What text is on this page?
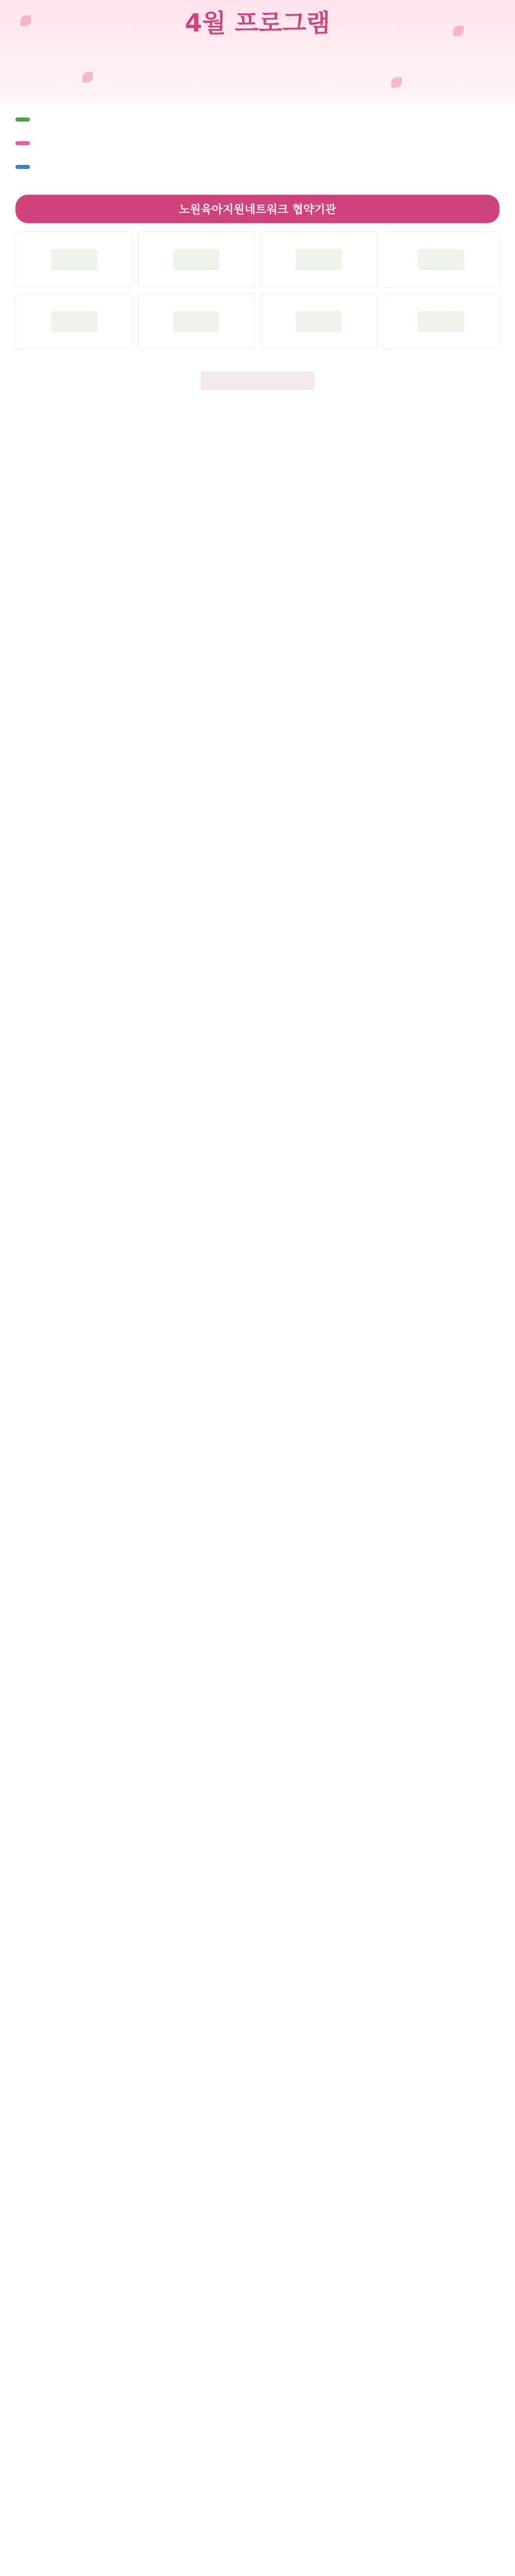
4월 프로그램
노원육아지원네트워크 협약기관
